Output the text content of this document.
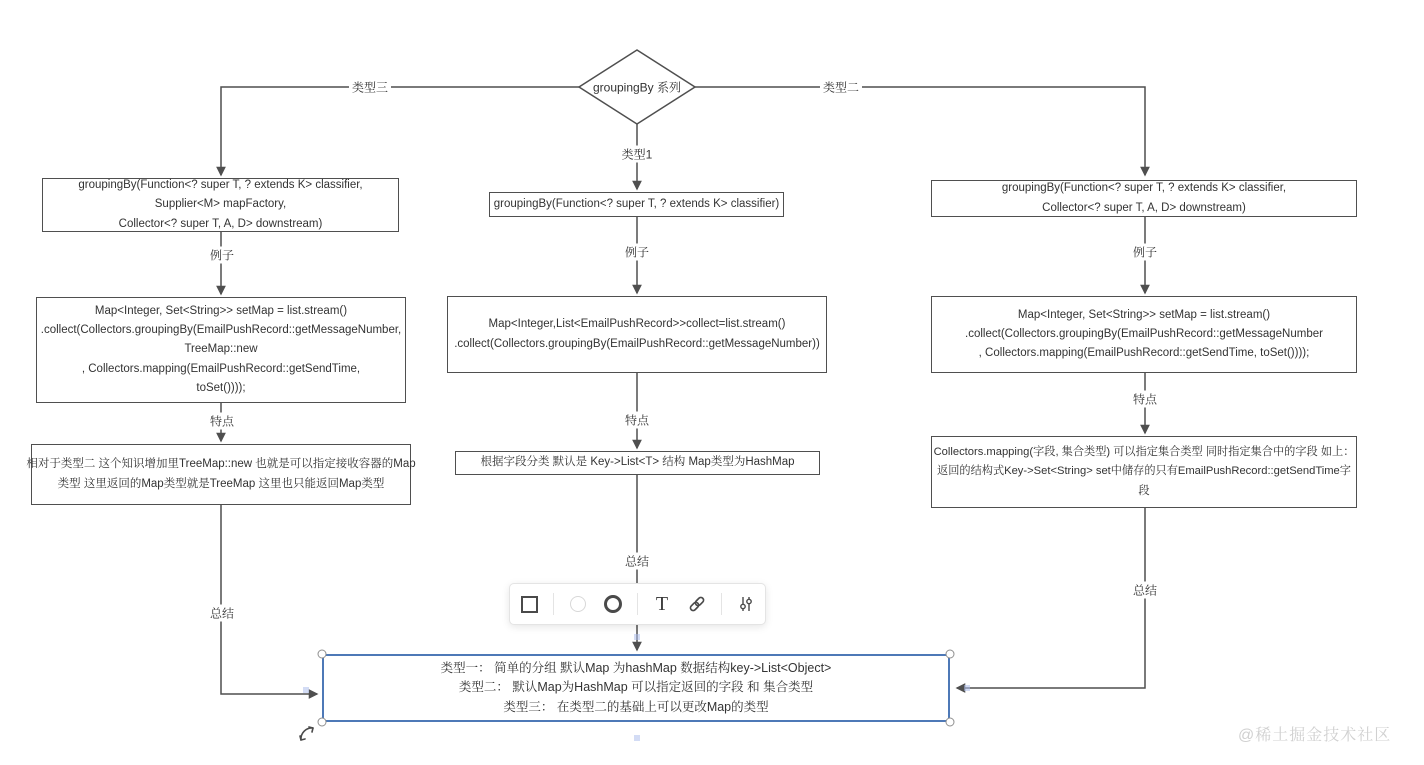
groupingBy 系列
类型三	类型二
类型1
例子	例子	例子
特点	特点
特点
总结
总结
总结
groupingBy(Function<? super T, ? extends K> classifier,
Supplier<M> mapFactory,
Collector<? super T, A, D> downstream)
Map<Integer, Set<String>> setMap = list.stream()
.collect(Collectors.groupingBy(EmailPushRecord::getMessageNumber,
TreeMap::new
, Collectors.mapping(EmailPushRecord::getSendTime,
toSet())));
相对于类型二 这个知识增加里TreeMap::new 也就是可以指定接收容器的Map
类型 这里返回的Map类型就是TreeMap 这里也只能返回Map类型
groupingBy(Function<? super T, ? extends K> classifier)
Map<Integer,List<EmailPushRecord>>collect=list.stream()
.collect(Collectors.groupingBy(EmailPushRecord::getMessageNumber))
根据字段分类 默认是 Key->List<T> 结构 Map类型为HashMap
groupingBy(Function<? super T, ? extends K> classifier,
Collector<? super T, A, D> downstream)
Map<Integer, Set<String>> setMap = list.stream()
.collect(Collectors.groupingBy(EmailPushRecord::getMessageNumber
, Collectors.mapping(EmailPushRecord::getSendTime, toSet())));
Collectors.mapping(字段, 集合类型) 可以指定集合类型 同时指定集合中的字段 如上：
返回的结构式Key->Set<String> set中储存的只有EmailPushRecord::getSendTime字
段
类型一： 简单的分组 默认Map 为hashMap 数据结构key->List<Object>
类型二： 默认Map为HashMap 可以指定返回的字段 和 集合类型
类型三： 在类型二的基础上可以更改Map的类型
T
@稀土掘金技术社区
